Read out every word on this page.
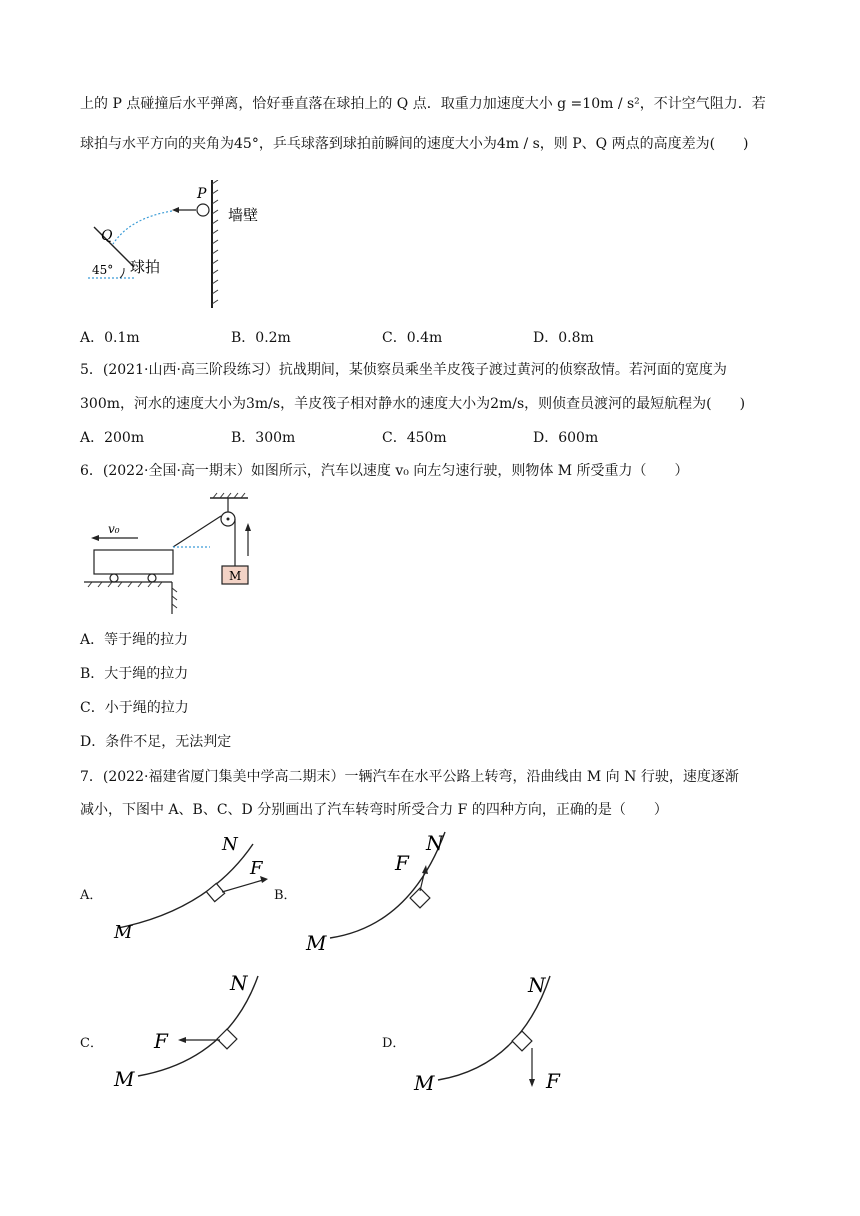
上的 P 点碰撞后水平弹离，恰好垂直落在球拍上的 Q 点．取重力加速度大小 g =10m / s²，不计空气阻力．若
球拍与水平方向的夹角为45°，乒乓球落到球拍前瞬间的速度大小为4m / s，则 P、Q 两点的高度差为(　　)
P
墙壁
Q
球拍
45°
A．0.1m	B．0.2m	C．0.4m	D．0.8m
5．(2021·山西·高三阶段练习）抗战期间，某侦察员乘坐羊皮筏子渡过黄河的侦察敌情。若河面的宽度为
300m，河水的速度大小为3m/s，羊皮筏子相对静水的速度大小为2m/s，则侦查员渡河的最短航程为(　　)
A．200m	B．300m	C．450m	D．600m
6．(2022·全国·高一期末）如图所示，汽车以速度 v₀ 向左匀速行驶，则物体 M 所受重力（　　）
M
v₀
A．等于绳的拉力
B．大于绳的拉力
C．小于绳的拉力
D．条件不足，无法判定
7．(2022·福建省厦门集美中学高二期末）一辆汽车在水平公路上转弯，沿曲线由 M 向 N 行驶，速度逐渐
减小，下图中 A、B、C、D 分别画出了汽车转弯时所受合力 F 的四种方向，正确的是（　　）
A．
M
N
F
B．
M
N
F
C．
M
N
F	D．
M
N
F
